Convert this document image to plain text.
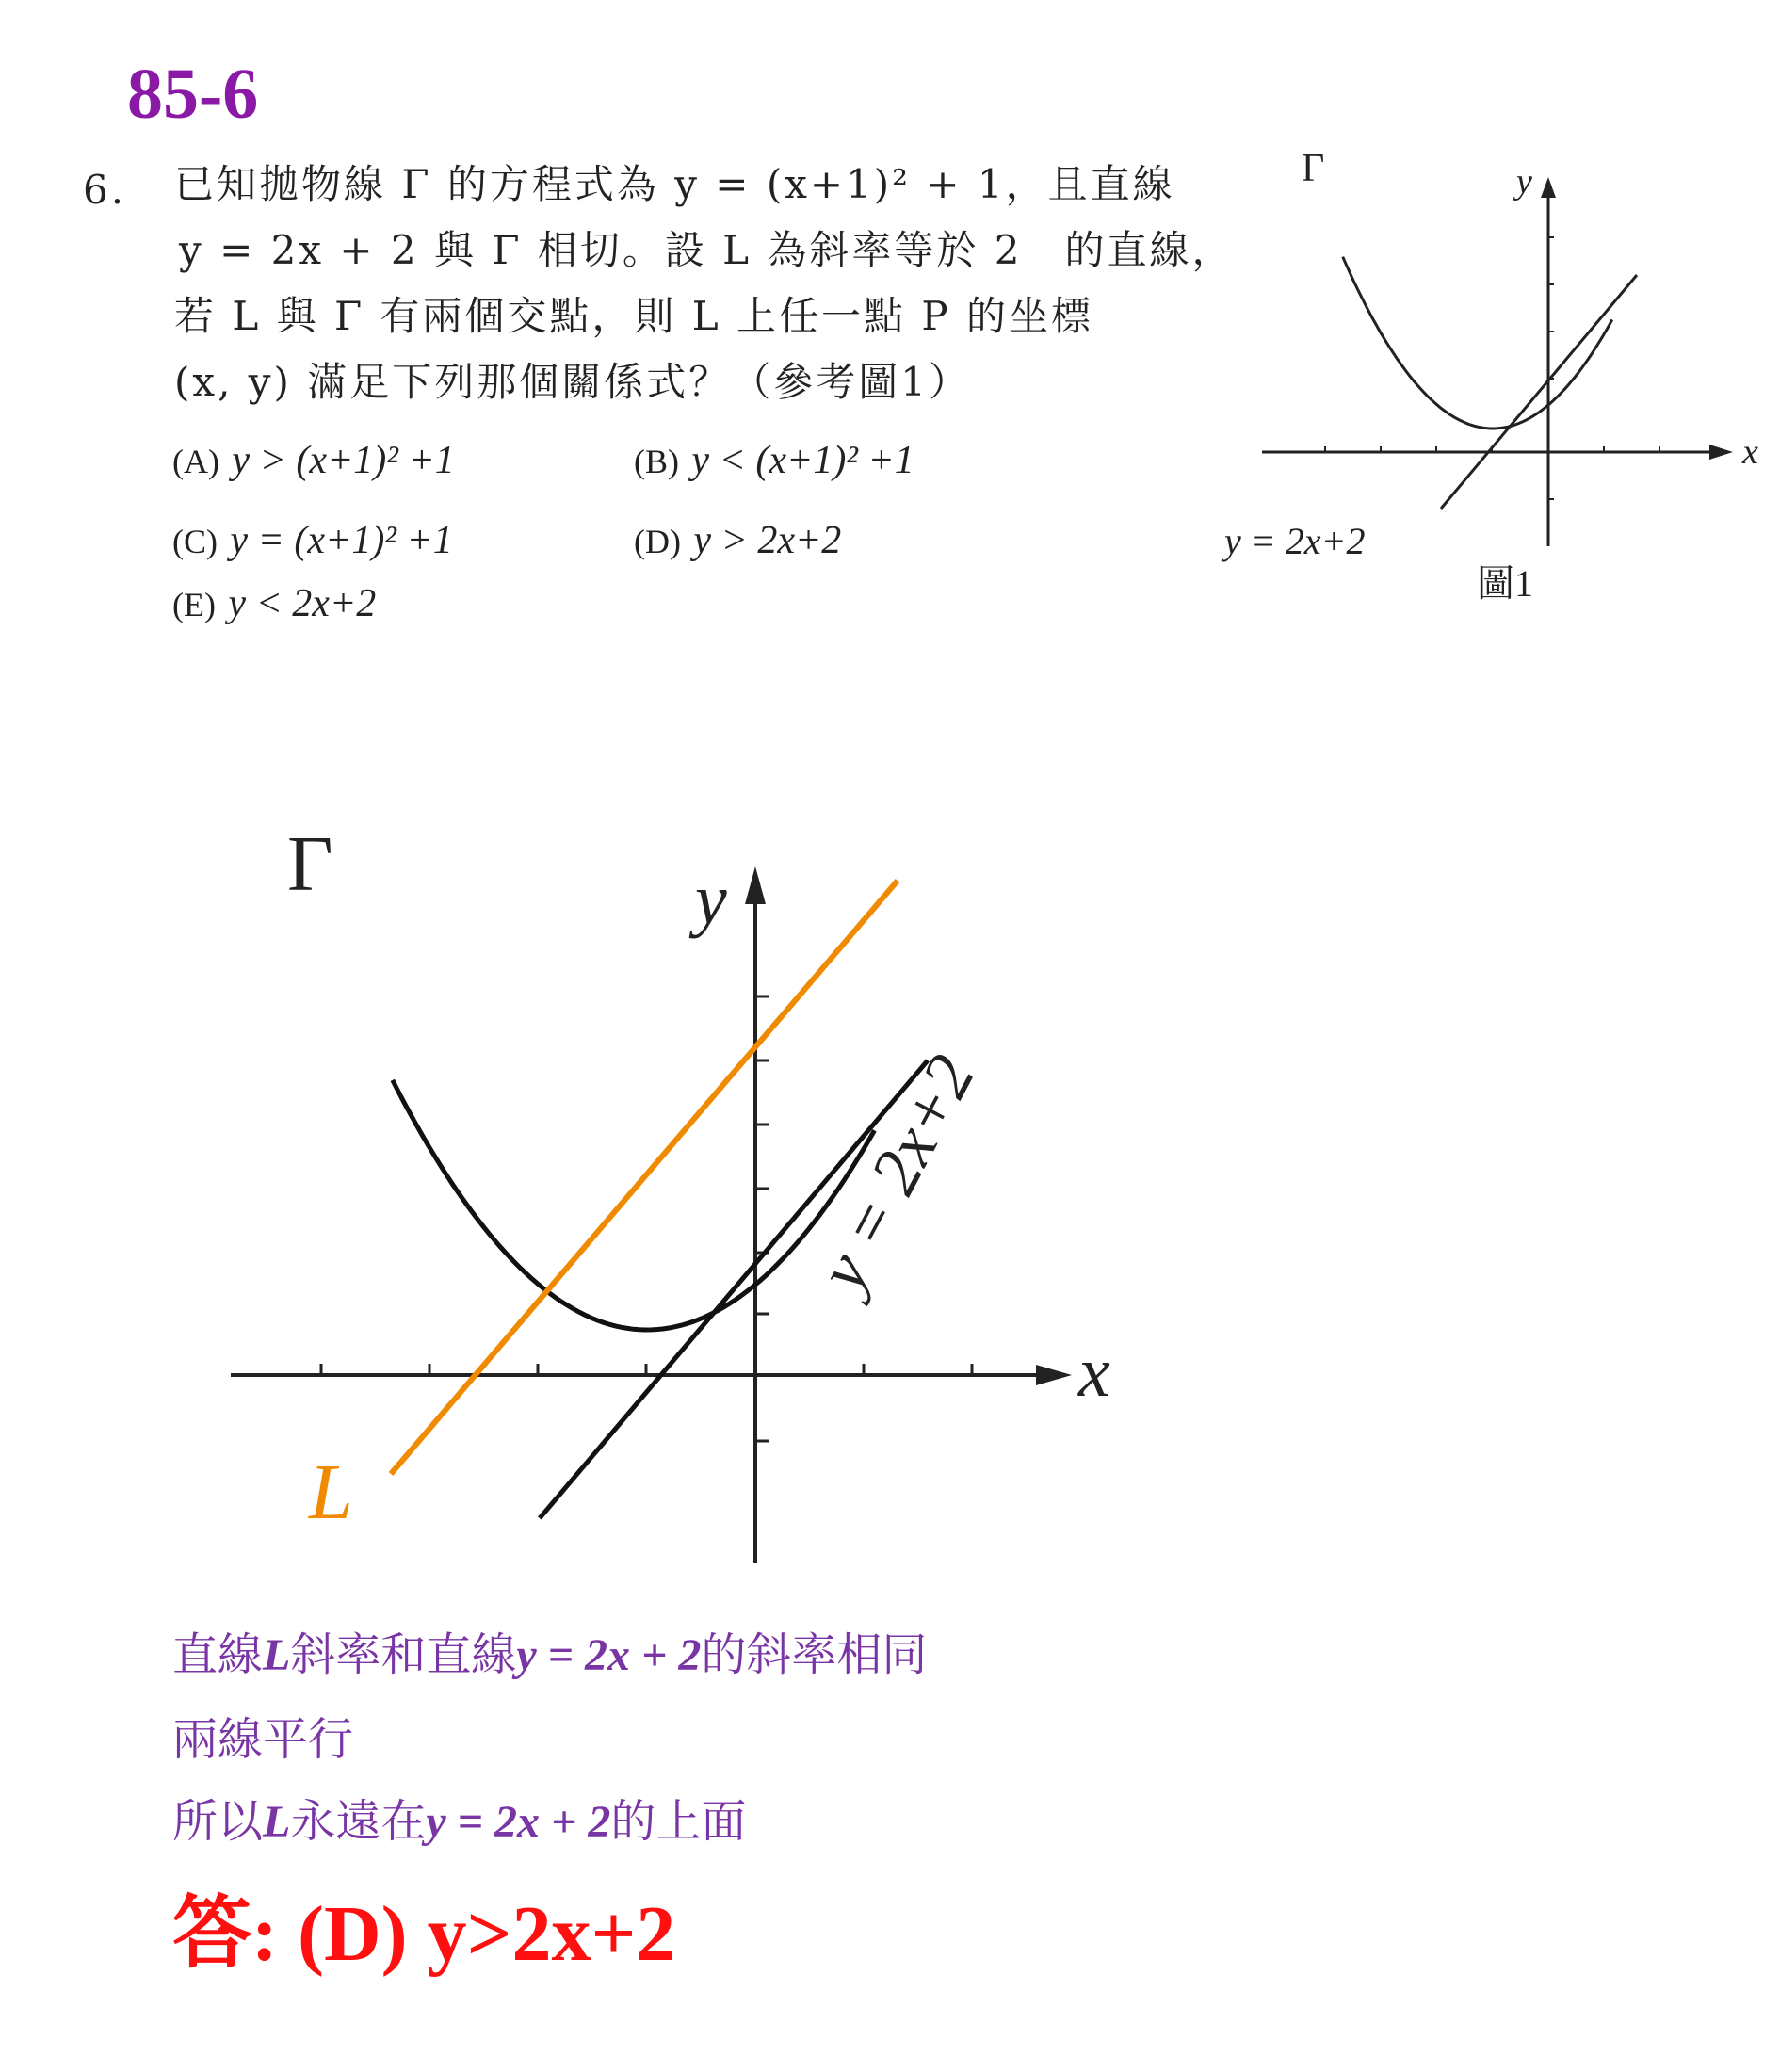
85-6
6. 已知拋物線 Γ 的方程式為 y = (x+1)² + 1，且直線
y = 2x + 2 與 Γ 相切。設 L 為斜率等於 2　的直線，
若 L 與 Γ 有兩個交點，則 L 上任一點 P 的坐標
(x, y) 滿足下列那個關係式？（參考圖1）
(A) y > (x+1)² +1	(B) y < (x+1)² +1
(C) y = (x+1)² +1	(D) y > 2x+2
(E) y < 2x+2
Γ	y
x
y = 2x+2
圖1
Γ	y
x
y = 2x+2
L
直線L斜率和直線y = 2x + 2的斜率相同
兩線平行
所以L永遠在y = 2x + 2的上面
答: (D) y>2x+2
